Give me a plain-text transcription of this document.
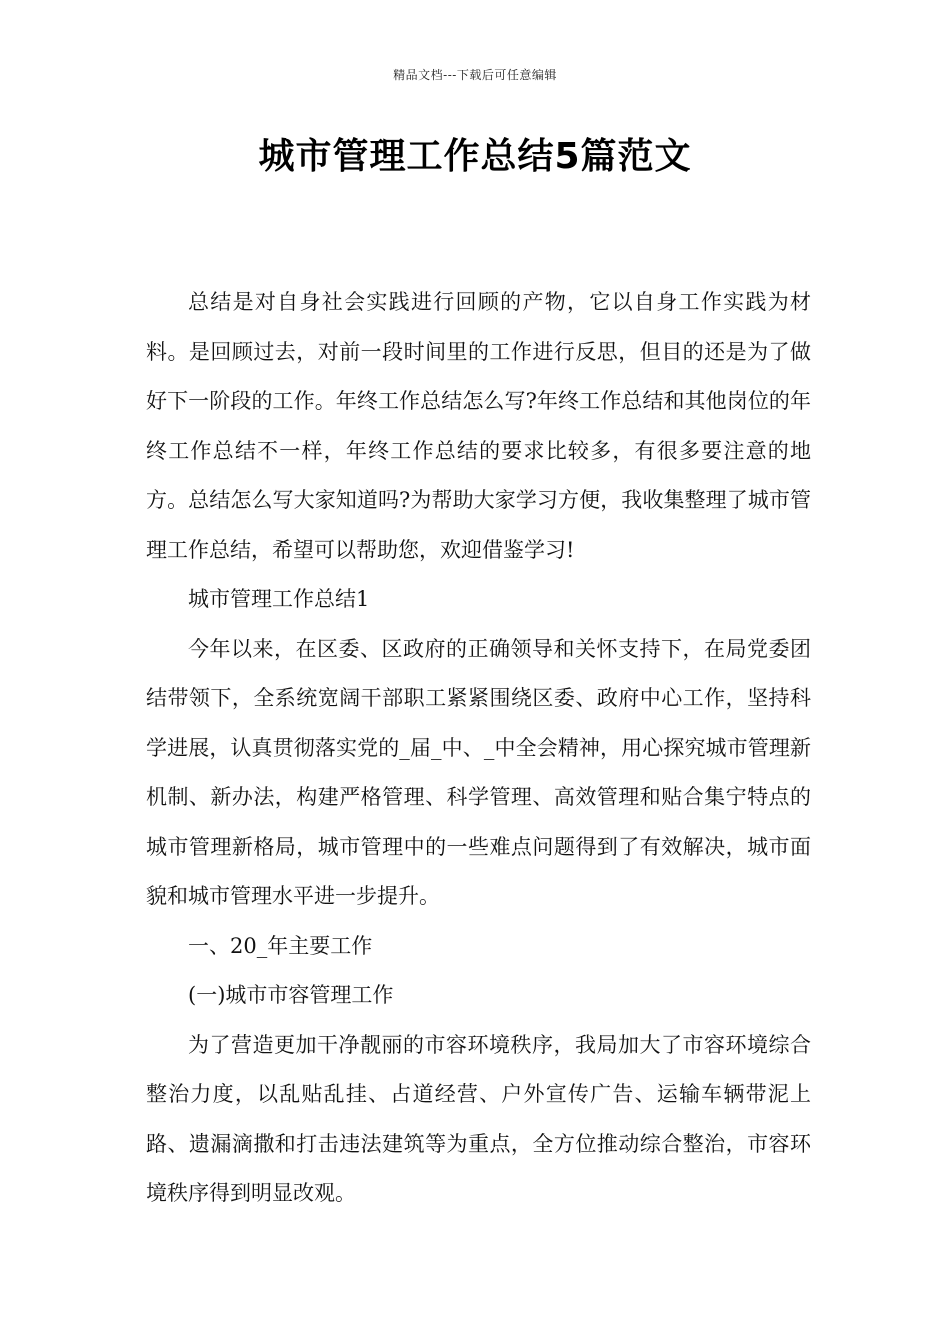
精品文档---下载后可任意编辑
城市管理工作总结5篇范文

总结是对自身社会实践进行回顾的产物，它以自身工作实践为材料。是回顾过去，对前一段时间里的工作进行反思，但目的还是为了做好下一阶段的工作。年终工作总结怎么写?年终工作总结和其他岗位的年终工作总结不一样，年终工作总结的要求比较多，有很多要注意的地方。总结怎么写大家知道吗?为帮助大家学习方便，我收集整理了城市管理工作总结，希望可以帮助您，欢迎借鉴学习!

城市管理工作总结1

今年以来，在区委、区政府的正确领导和关怀支持下，在局党委团结带领下，全系统宽阔干部职工紧紧围绕区委、政府中心工作，坚持科学进展，认真贯彻落实党的_届_中、_中全会精神，用心探究城市管理新机制、新办法，构建严格管理、科学管理、高效管理和贴合集宁特点的城市管理新格局，城市管理中的一些难点问题得到了有效解决，城市面貌和城市管理水平进一步提升。

一、20_年主要工作

(一)城市市容管理工作

为了营造更加干净靓丽的市容环境秩序，我局加大了市容环境综合整治力度，以乱贴乱挂、占道经营、户外宣传广告、运输车辆带泥上路、遗漏滴撒和打击违法建筑等为重点，全方位推动综合整治，市容环境秩序得到明显改观。
